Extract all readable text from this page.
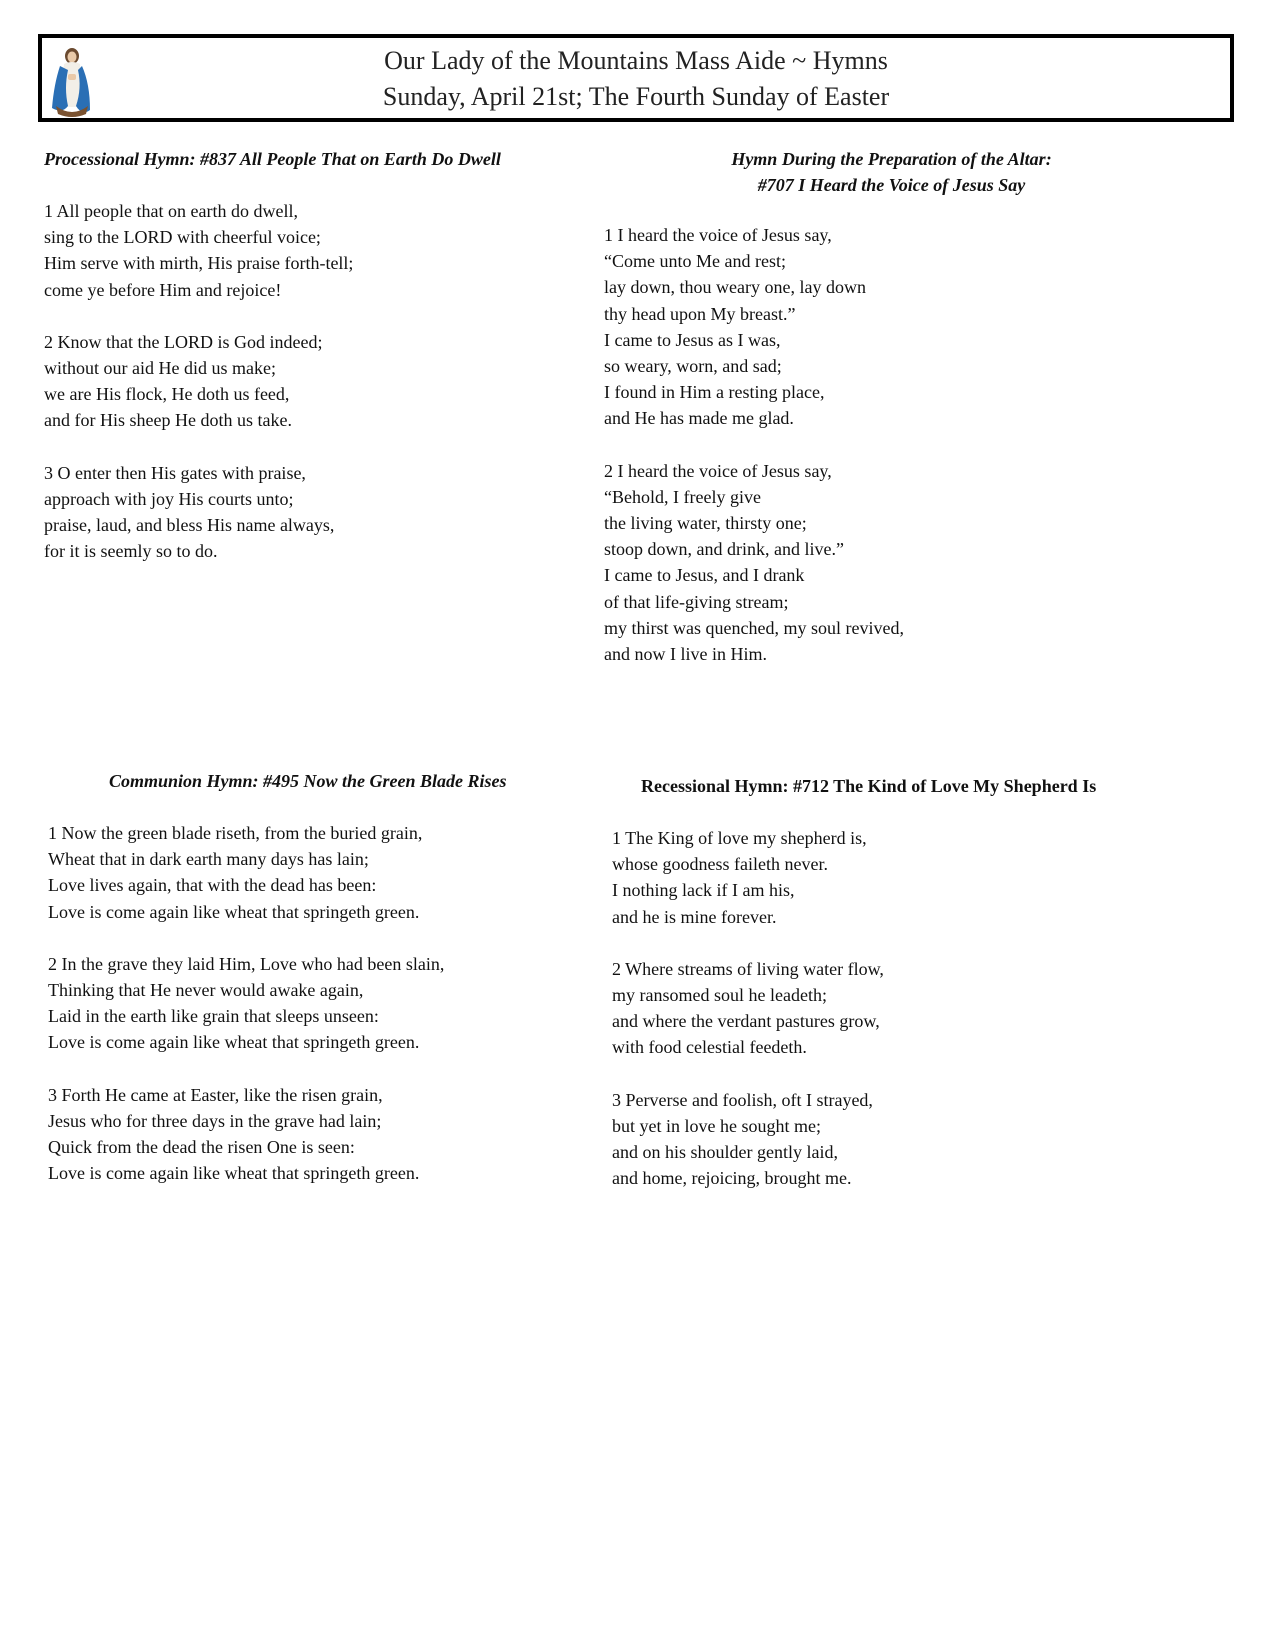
Our Lady of the Mountains Mass Aide ~ Hymns
Sunday, April 21st; The Fourth Sunday of Easter

Processional Hymn: #837 All People That on Earth Do Dwell

1 All people that on earth do dwell,
sing to the LORD with cheerful voice;
Him serve with mirth, His praise forth-tell;
come ye before Him and rejoice!

2 Know that the LORD is God indeed;
without our aid He did us make;
we are His flock, He doth us feed,
and for His sheep He doth us take.

3 O enter then His gates with praise,
approach with joy His courts unto;
praise, laud, and bless His name always,
for it is seemly so to do.

Hymn During the Preparation of the Altar:

#707 I Heard the Voice of Jesus Say

1 I heard the voice of Jesus say,
“Come unto Me and rest;
lay down, thou weary one, lay down
thy head upon My breast.”
I came to Jesus as I was,
so weary, worn, and sad;
I found in Him a resting place,
and He has made me glad.

2 I heard the voice of Jesus say,
“Behold, I freely give
the living water, thirsty one;
stoop down, and drink, and live.”
I came to Jesus, and I drank
of that life-giving stream;
my thirst was quenched, my soul revived,
and now I live in Him.

Communion Hymn: #495 Now the Green Blade Rises

1 Now the green blade riseth, from the buried grain,
Wheat that in dark earth many days has lain;
Love lives again, that with the dead has been:
Love is come again like wheat that springeth green.

2 In the grave they laid Him, Love who had been slain,
Thinking that He never would awake again,
Laid in the earth like grain that sleeps unseen:
Love is come again like wheat that springeth green.

3 Forth He came at Easter, like the risen grain,
Jesus who for three days in the grave had lain;
Quick from the dead the risen One is seen:
Love is come again like wheat that springeth green.

Recessional Hymn: #712 The Kind of Love My Shepherd Is

1 The King of love my shepherd is,
whose goodness faileth never.
I nothing lack if I am his,
and he is mine forever.

2 Where streams of living water flow,
my ransomed soul he leadeth;
and where the verdant pastures grow,
with food celestial feedeth.

3 Perverse and foolish, oft I strayed,
but yet in love he sought me;
and on his shoulder gently laid,
and home, rejoicing, brought me.
